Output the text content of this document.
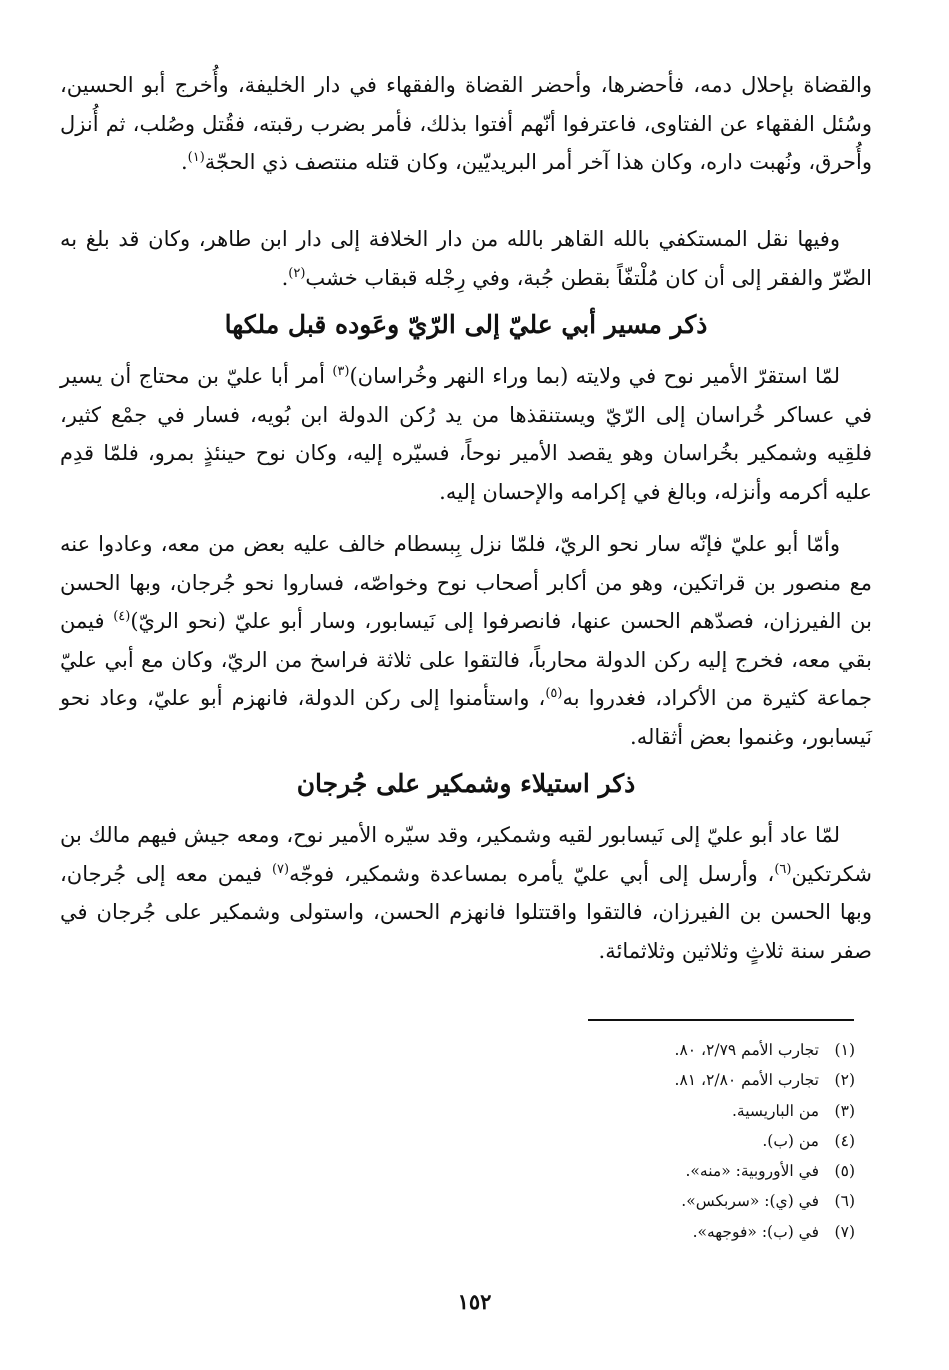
والقضاة بإحلال دمه، فأحضرها، وأحضر القضاة والفقهاء في دار الخليفة، وأُخرج أبو الحسين، وسُئل الفقهاء عن الفتاوى، فاعترفوا أنّهم أفتوا بذلك، فأمر بضرب رقبته، فقُتل وصُلب، ثم أُنزل وأُحرق، ونُهبت داره، وكان هذا آخر أمر البريديّين، وكان قتله منتصف ذي الحجّة$^{(١)}$.

وفيها نقل المستكفي بالله القاهر بالله من دار الخلافة إلى دار ابن طاهر، وكان قد بلغ به الضّرّ والفقر إلى أن كان مُلْتفّاً بقطن جُبة، وفي رِجْله قبقاب خشب$^{(٢)}$.

ذكر مسير أبي عليّ إلى الرّيّ وعَوده قبل ملكها

لمّا استقرّ الأمير نوح في ولايته (بما وراء النهر وخُراسان)$^{(٣)}$ أمر أبا عليّ بن محتاج أن يسير في عساكر خُراسان إلى الرّيّ ويستنقذها من يد رُكن الدولة ابن بُويه، فسار في جمْع كثير، فلقِيه وشمكير بخُراسان وهو يقصد الأمير نوحاً، فسيّره إليه، وكان نوح حينئذٍ بمرو، فلمّا قدِم عليه أكرمه وأنزله، وبالغ في إكرامه والإحسان إليه.

وأمّا أبو عليّ فإنّه سار نحو الريّ، فلمّا نزل بِبسطام خالف عليه بعض من معه، وعادوا عنه مع منصور بن قراتكين، وهو من أكابر أصحاب نوح وخواصّه، فساروا نحو جُرجان، وبها الحسن بن الفيرزان، فصدّهم الحسن عنها، فانصرفوا إلى نَيسابور، وسار أبو عليّ (نحو الريّ)$^{(٤)}$ فيمن بقي معه، فخرج إليه ركن الدولة محارباً، فالتقوا على ثلاثة فراسخ من الريّ، وكان مع أبي عليّ جماعة كثيرة من الأكراد، فغدروا به$^{(٥)}$، واستأمنوا إلى ركن الدولة، فانهزم أبو عليّ، وعاد نحو نَيسابور، وغنموا بعض أثقاله.

ذكر استيلاء وشمكير على جُرجان

لمّا عاد أبو عليّ إلى نَيسابور لقيه وشمكير، وقد سيّره الأمير نوح، ومعه جيش فيهم مالك بن شكرتكين$^{(٦)}$، وأرسل إلى أبي عليّ يأمره بمساعدة وشمكير، فوجّه$^{(٧)}$ فيمن معه إلى جُرجان، وبها الحسن بن الفيرزان، فالتقوا واقتتلوا فانهزم الحسن، واستولى وشمكير على جُرجان في صفر سنة ثلاثٍ وثلاثين وثلاثمائة.

(١)تجارب الأمم ٢/٧٩، ٨٠.
(٢)تجارب الأمم ٢/٨٠، ٨١.
(٣)من الباريسية.
(٤)من (ب).
(٥)في الأوروبية: «منه».
(٦)في (ي): «سربكس».
(٧)في (ب): «فوجهه».
١٥٢
